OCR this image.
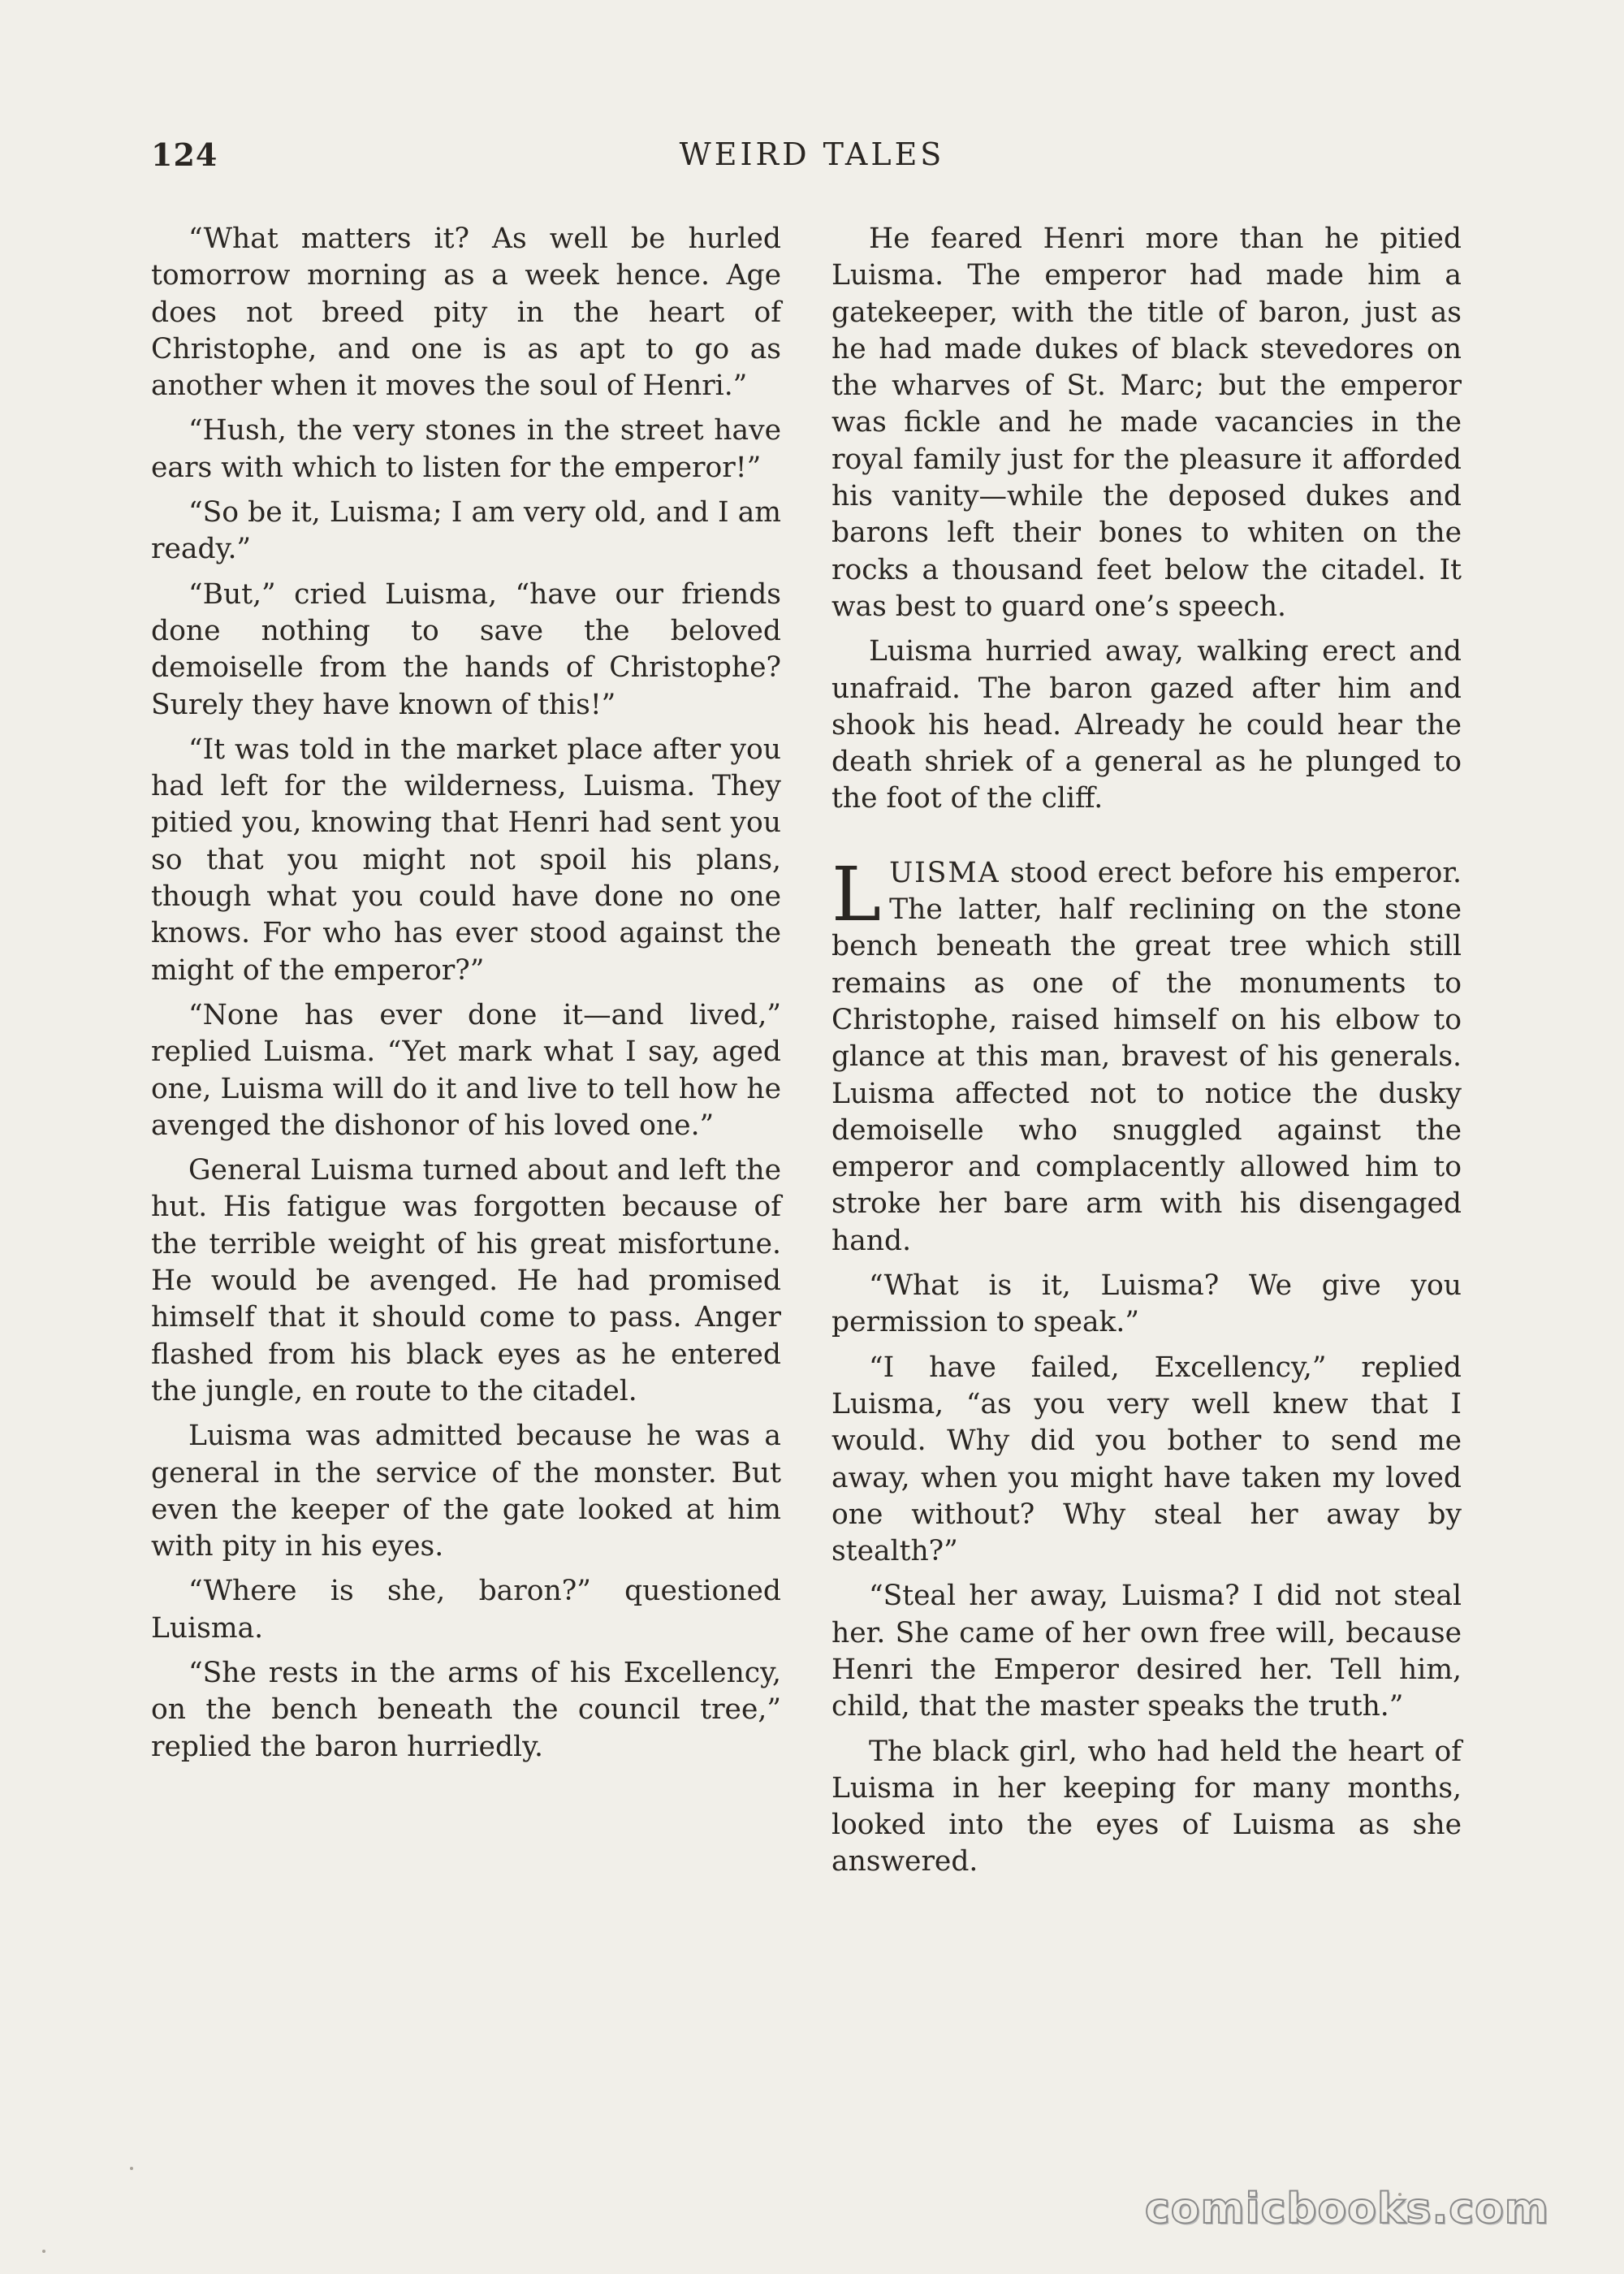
124	WEIRD TALES

“What matters it? As well be hurled tomorrow morning as a week hence. Age does not breed pity in the heart of Christophe, and one is as apt to go as another when it moves the soul of Henri.”

“Hush, the very stones in the street have ears with which to listen for the emperor!”

“So be it, Luisma; I am very old, and I am ready.”

“But,” cried Luisma, “have our friends done nothing to save the beloved demoiselle from the hands of Christophe? Surely they have known of this!”

“It was told in the market place after you had left for the wilderness, Luisma. They pitied you, knowing that Henri had sent you so that you might not spoil his plans, though what you could have done no one knows. For who has ever stood against the might of the emperor?”

“None has ever done it—and lived,” replied Luisma. “Yet mark what I say, aged one, Luisma will do it and live to tell how he avenged the dishonor of his loved one.”

General Luisma turned about and left the hut. His fatigue was forgotten because of the terrible weight of his great misfortune. He would be avenged. He had promised himself that it should come to pass. Anger flashed from his black eyes as he entered the jungle, en route to the citadel.

Luisma was admitted because he was a general in the service of the monster. But even the keeper of the gate looked at him with pity in his eyes.

“Where is she, baron?” questioned Luisma.

“She rests in the arms of his Excellency, on the bench beneath the council tree,” replied the baron hurriedly.

He feared Henri more than he pitied Luisma. The emperor had made him a gatekeeper, with the title of baron, just as he had made dukes of black stevedores on the wharves of St. Marc; but the emperor was fickle and he made vacancies in the royal family just for the pleasure it afforded his vanity—while the deposed dukes and barons left their bones to whiten on the rocks a thousand feet below the citadel. It was best to guard one’s speech.

Luisma hurried away, walking erect and unafraid. The baron gazed after him and shook his head. Already he could hear the death shriek of a general as he plunged to the foot of the cliff.

LUISMA stood erect before his emperor. The latter, half reclining on the stone bench beneath the great tree which still remains as one of the monuments to Christophe, raised himself on his elbow to glance at this man, bravest of his generals. Luisma affected not to notice the dusky demoiselle who snuggled against the emperor and complacently allowed him to stroke her bare arm with his disengaged hand.

“What is it, Luisma? We give you permission to speak.”

“I have failed, Excellency,” replied Luisma, “as you very well knew that I would. Why did you bother to send me away, when you might have taken my loved one without? Why steal her away by stealth?”

“Steal her away, Luisma? I did not steal her. She came of her own free will, because Henri the Emperor desired her. Tell him, child, that the master speaks the truth.”

The black girl, who had held the heart of Luisma in her keeping for many months, looked into the eyes of Luisma as she answered.

comicbooks.com
